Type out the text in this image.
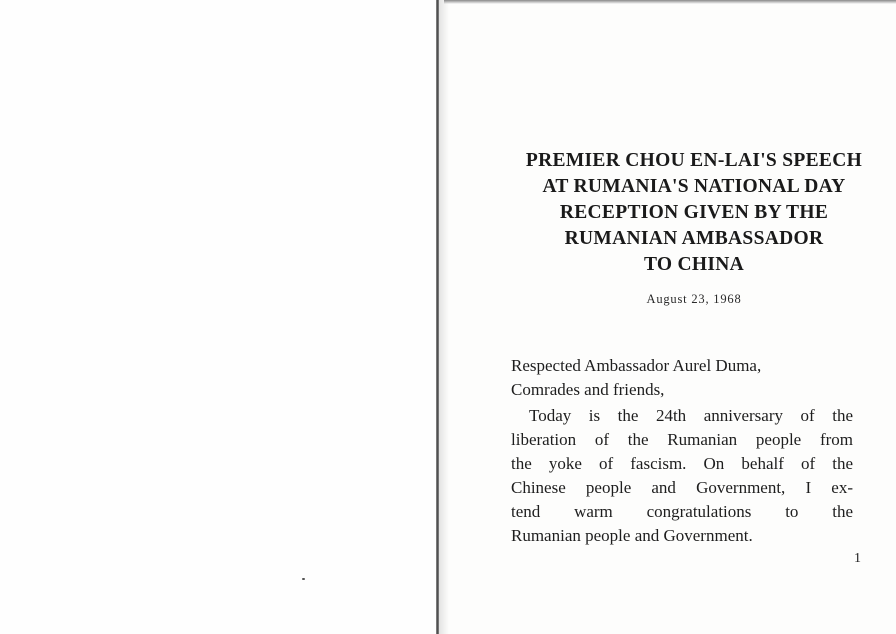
PREMIER CHOU EN-LAI'S SPEECH
AT RUMANIA'S NATIONAL DAY
RECEPTION GIVEN BY THE
RUMANIAN AMBASSADOR
TO CHINA

August 23, 1968

Respected Ambassador Aurel Duma,
Comrades and friends,

Today is the 24th anniversary of the
liberation of the Rumanian people from
the yoke of fascism. On behalf of the
Chinese people and Government, I ex-
tend warm congratulations to the
Rumanian people and Government.

1
